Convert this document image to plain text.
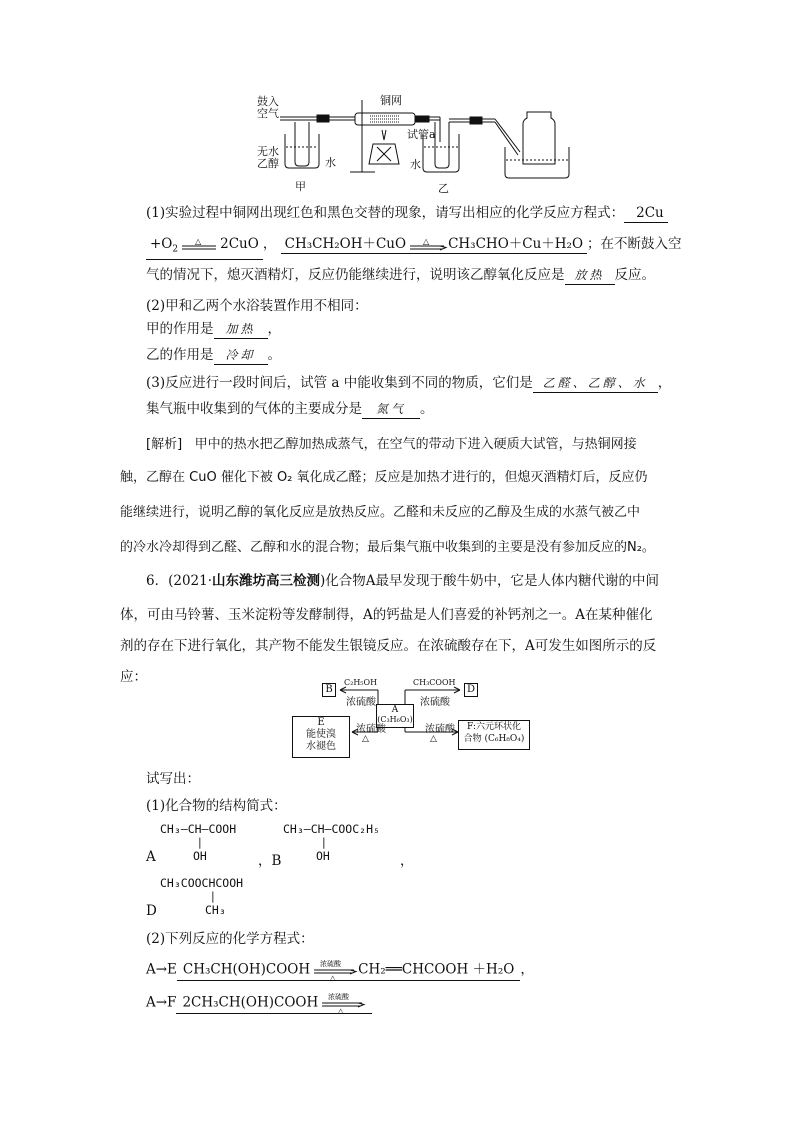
鼓入
空气
铜网
无水
乙醇	水
甲
试管a
水
乙
(1)实验过程中铜网出现红色和黑色交替的现象，请写出相应的化学反应方程式： 2Cu
$+O_2$
△ 2CuO ， CH₃CH₂OH＋CuO △ CH₃CHO＋Cu＋H₂O ；在不断鼓入空
气的情况下，熄灭酒精灯，反应仍能继续进行，说明该乙醇氧化反应是 放热 反应。
(2)甲和乙两个水浴装置作用不相同：
甲的作用是 加热 ，
乙的作用是 冷却 。
(3)反应进行一段时间后，试管 a 中能收集到不同的物质，它们是 乙醛、乙醇、水 ，
集气瓶中收集到的气体的主要成分是 氮气 。
[解析] 甲中的热水把乙醇加热成蒸气，在空气的带动下进入硬质大试管，与热铜网接
触，乙醇在 CuO 催化下被 O₂ 氧化成乙醛；反应是加热才进行的，但熄灭酒精灯后，反应仍
能继续进行，说明乙醇的氧化反应是放热反应。乙醛和未反应的乙醇及生成的水蒸气被乙中
的冷水冷却得到乙醛、乙醇和水的混合物；最后集气瓶中收集到的主要是没有参加反应的N₂。
6．(2021·山东潍坊高三检测)化合物A最早发现于酸牛奶中，它是人体内糖代谢的中间
体，可由马铃薯、玉米淀粉等发酵制得，A的钙盐是人们喜爱的补钙剂之一。A在某种催化
剂的存在下进行氧化，其产物不能发生银镜反应。在浓硫酸存在下，A可发生如图所示的反
应：
B	D
C₂H₅OH	CH₃COOH
浓硫酸	浓硫酸
A
(C₃H₆O₃)
浓硫酸	浓硫酸
△	△
E
能使溴
水褪色
F:六元环状化
合物 (C₆H₈O₄)
试写出：
(1)化合物的结构简式：
CH₃—CH—COOH
|
A	OH	，B
CH₃—CH—COOC₂H₅
|
OH	，
CH₃COOCHCOOH
|
D	CH₃
(2)下列反应的化学方程式：
A→E CH₃CH(OH)COOH 浓硫酸
△
CH₂══CHCOOH ＋H₂O ，
A→F 2CH₃CH(OH)COOH 浓硫酸
△
